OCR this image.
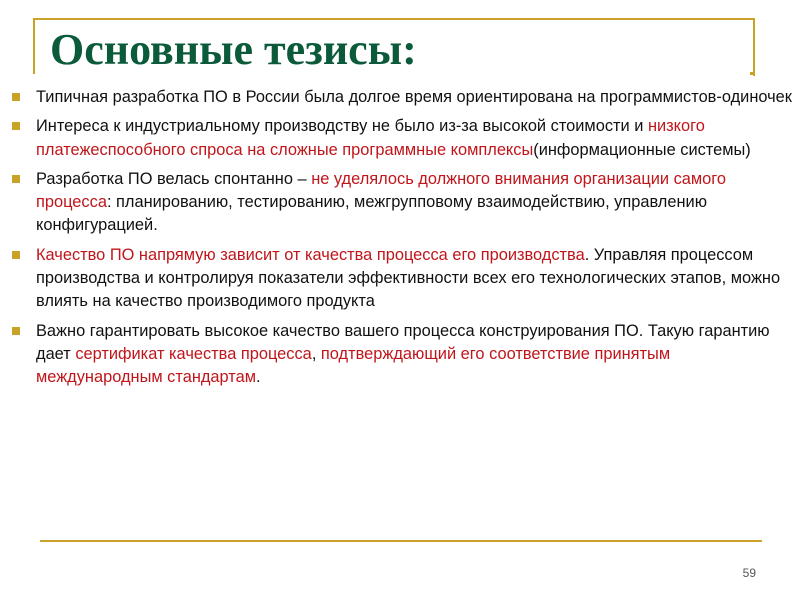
Основные тезисы:
Типичная разработка ПО в России была долгое время ориентирована на программистов-одиночек
Интереса к индустриальному производству не было из-за высокой стоимости и низкого платежеспособного спроса на сложные программные комплексы(информационные системы)
Разработка ПО велась спонтанно – не уделялось должного внимания организации самого процесса: планированию, тестированию, межгрупповому взаимодействию, управлению конфигурацией.
Качество ПО напрямую зависит от качества процесса его производства. Управляя процессом производства и контролируя показатели эффективности всех его технологических этапов, можно влиять на качество производимого продукта
Важно гарантировать высокое качество вашего процесса конструирования ПО. Такую гарантию дает сертификат качества процесса, подтверждающий его соответствие принятым международным стандартам.
59
